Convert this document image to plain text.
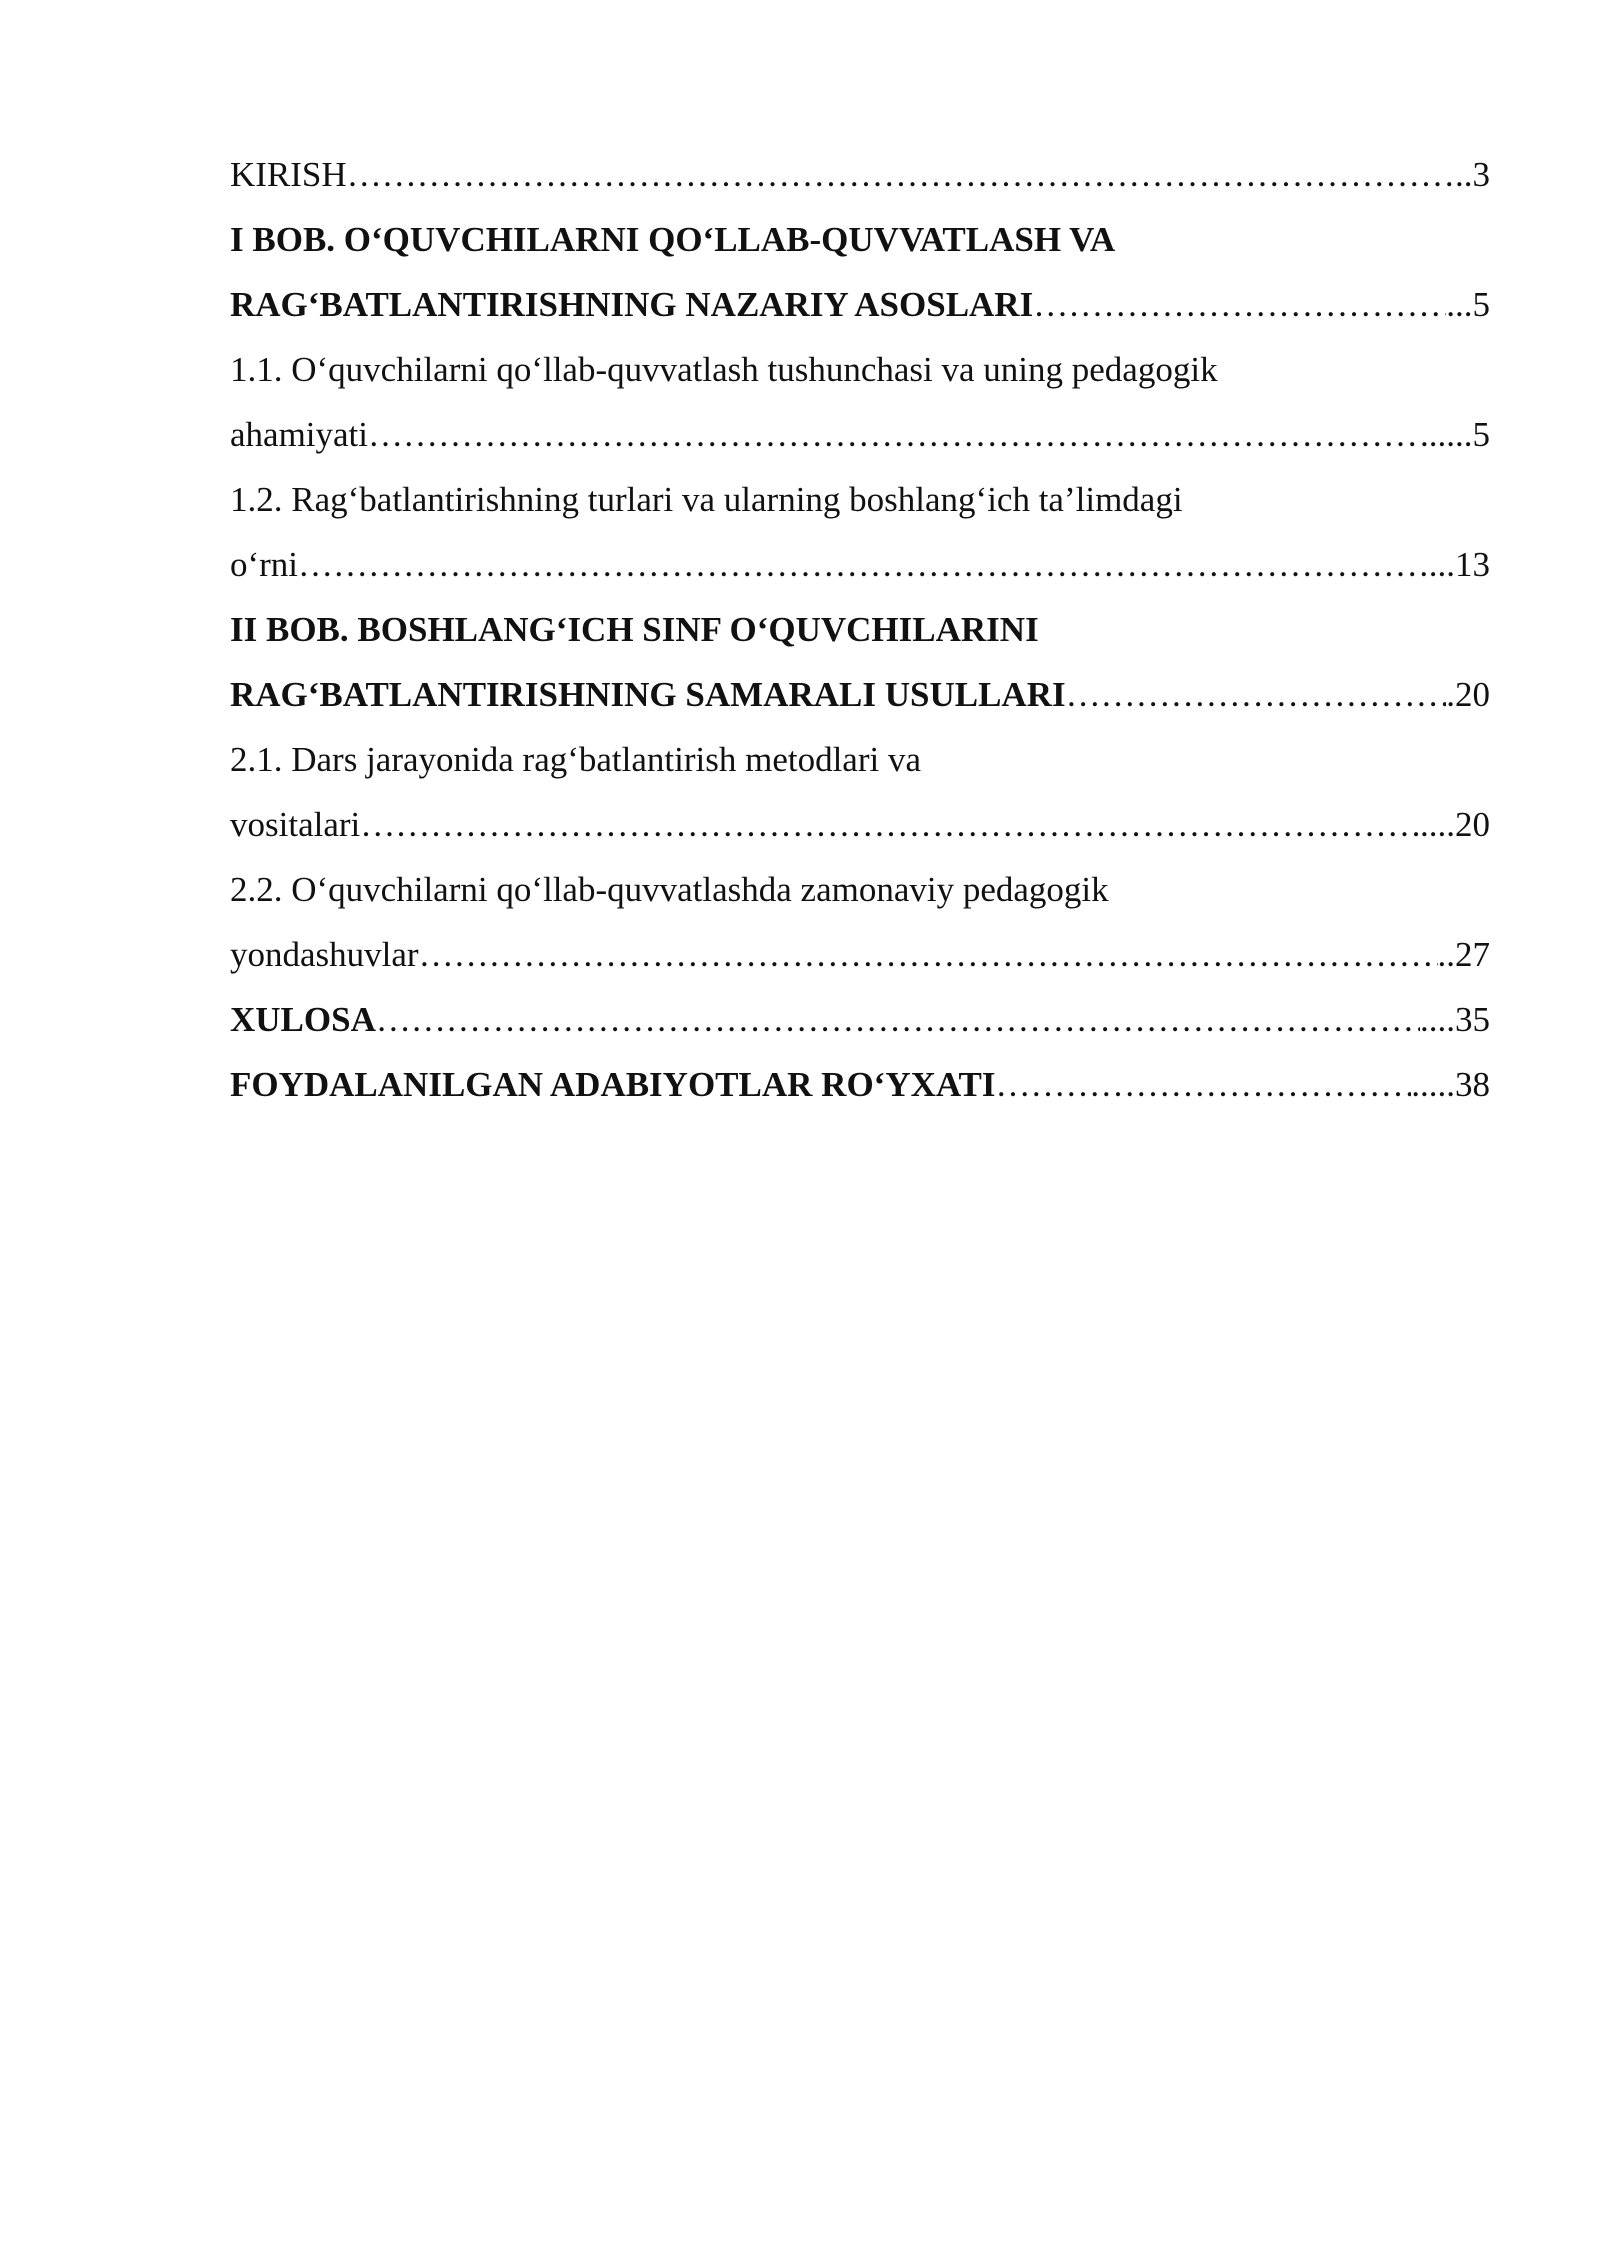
KIRISH …………………………………………………………………………………………………………………………………………………………………………………………	..3
I BOB. O‘QUVCHILARNI QO‘LLAB-QUVVATLASH VA
RAG‘BATLANTIRISHNING NAZARIY ASOSLARI …………………………………………………………………………………………………………………………………………………………………………………………	...5
1.1. O‘quvchilarni qo‘llab-quvvatlash tushunchasi va uning pedagogik
ahamiyati …………………………………………………………………………………………………………………………………………………………………………………………	......5
1.2. Rag‘batlantirishning turlari va ularning boshlang‘ich ta’limdagi
o‘rni …………………………………………………………………………………………………………………………………………………………………………………………	...13
II BOB. BOSHLANG‘ICH SINF O‘QUVCHILARINI
RAG‘BATLANTIRISHNING SAMARALI USULLARI …………………………………………………………………………………………………………………………………………………………………………………………	.20
2.1. Dars jarayonida rag‘batlantirish metodlari va
vositalari …………………………………………………………………………………………………………………………………………………………………………………………	....20
2.2. O‘quvchilarni qo‘llab-quvvatlashda zamonaviy pedagogik
yondashuvlar …………………………………………………………………………………………………………………………………………………………………………………………	..27
XULOSA …………………………………………………………………………………………………………………………………………………………………………………………	....35
FOYDALANILGAN ADABIYOTLAR RO‘YXATI …………………………………………………………………………………………………………………………………………………………………………………………	.....38
